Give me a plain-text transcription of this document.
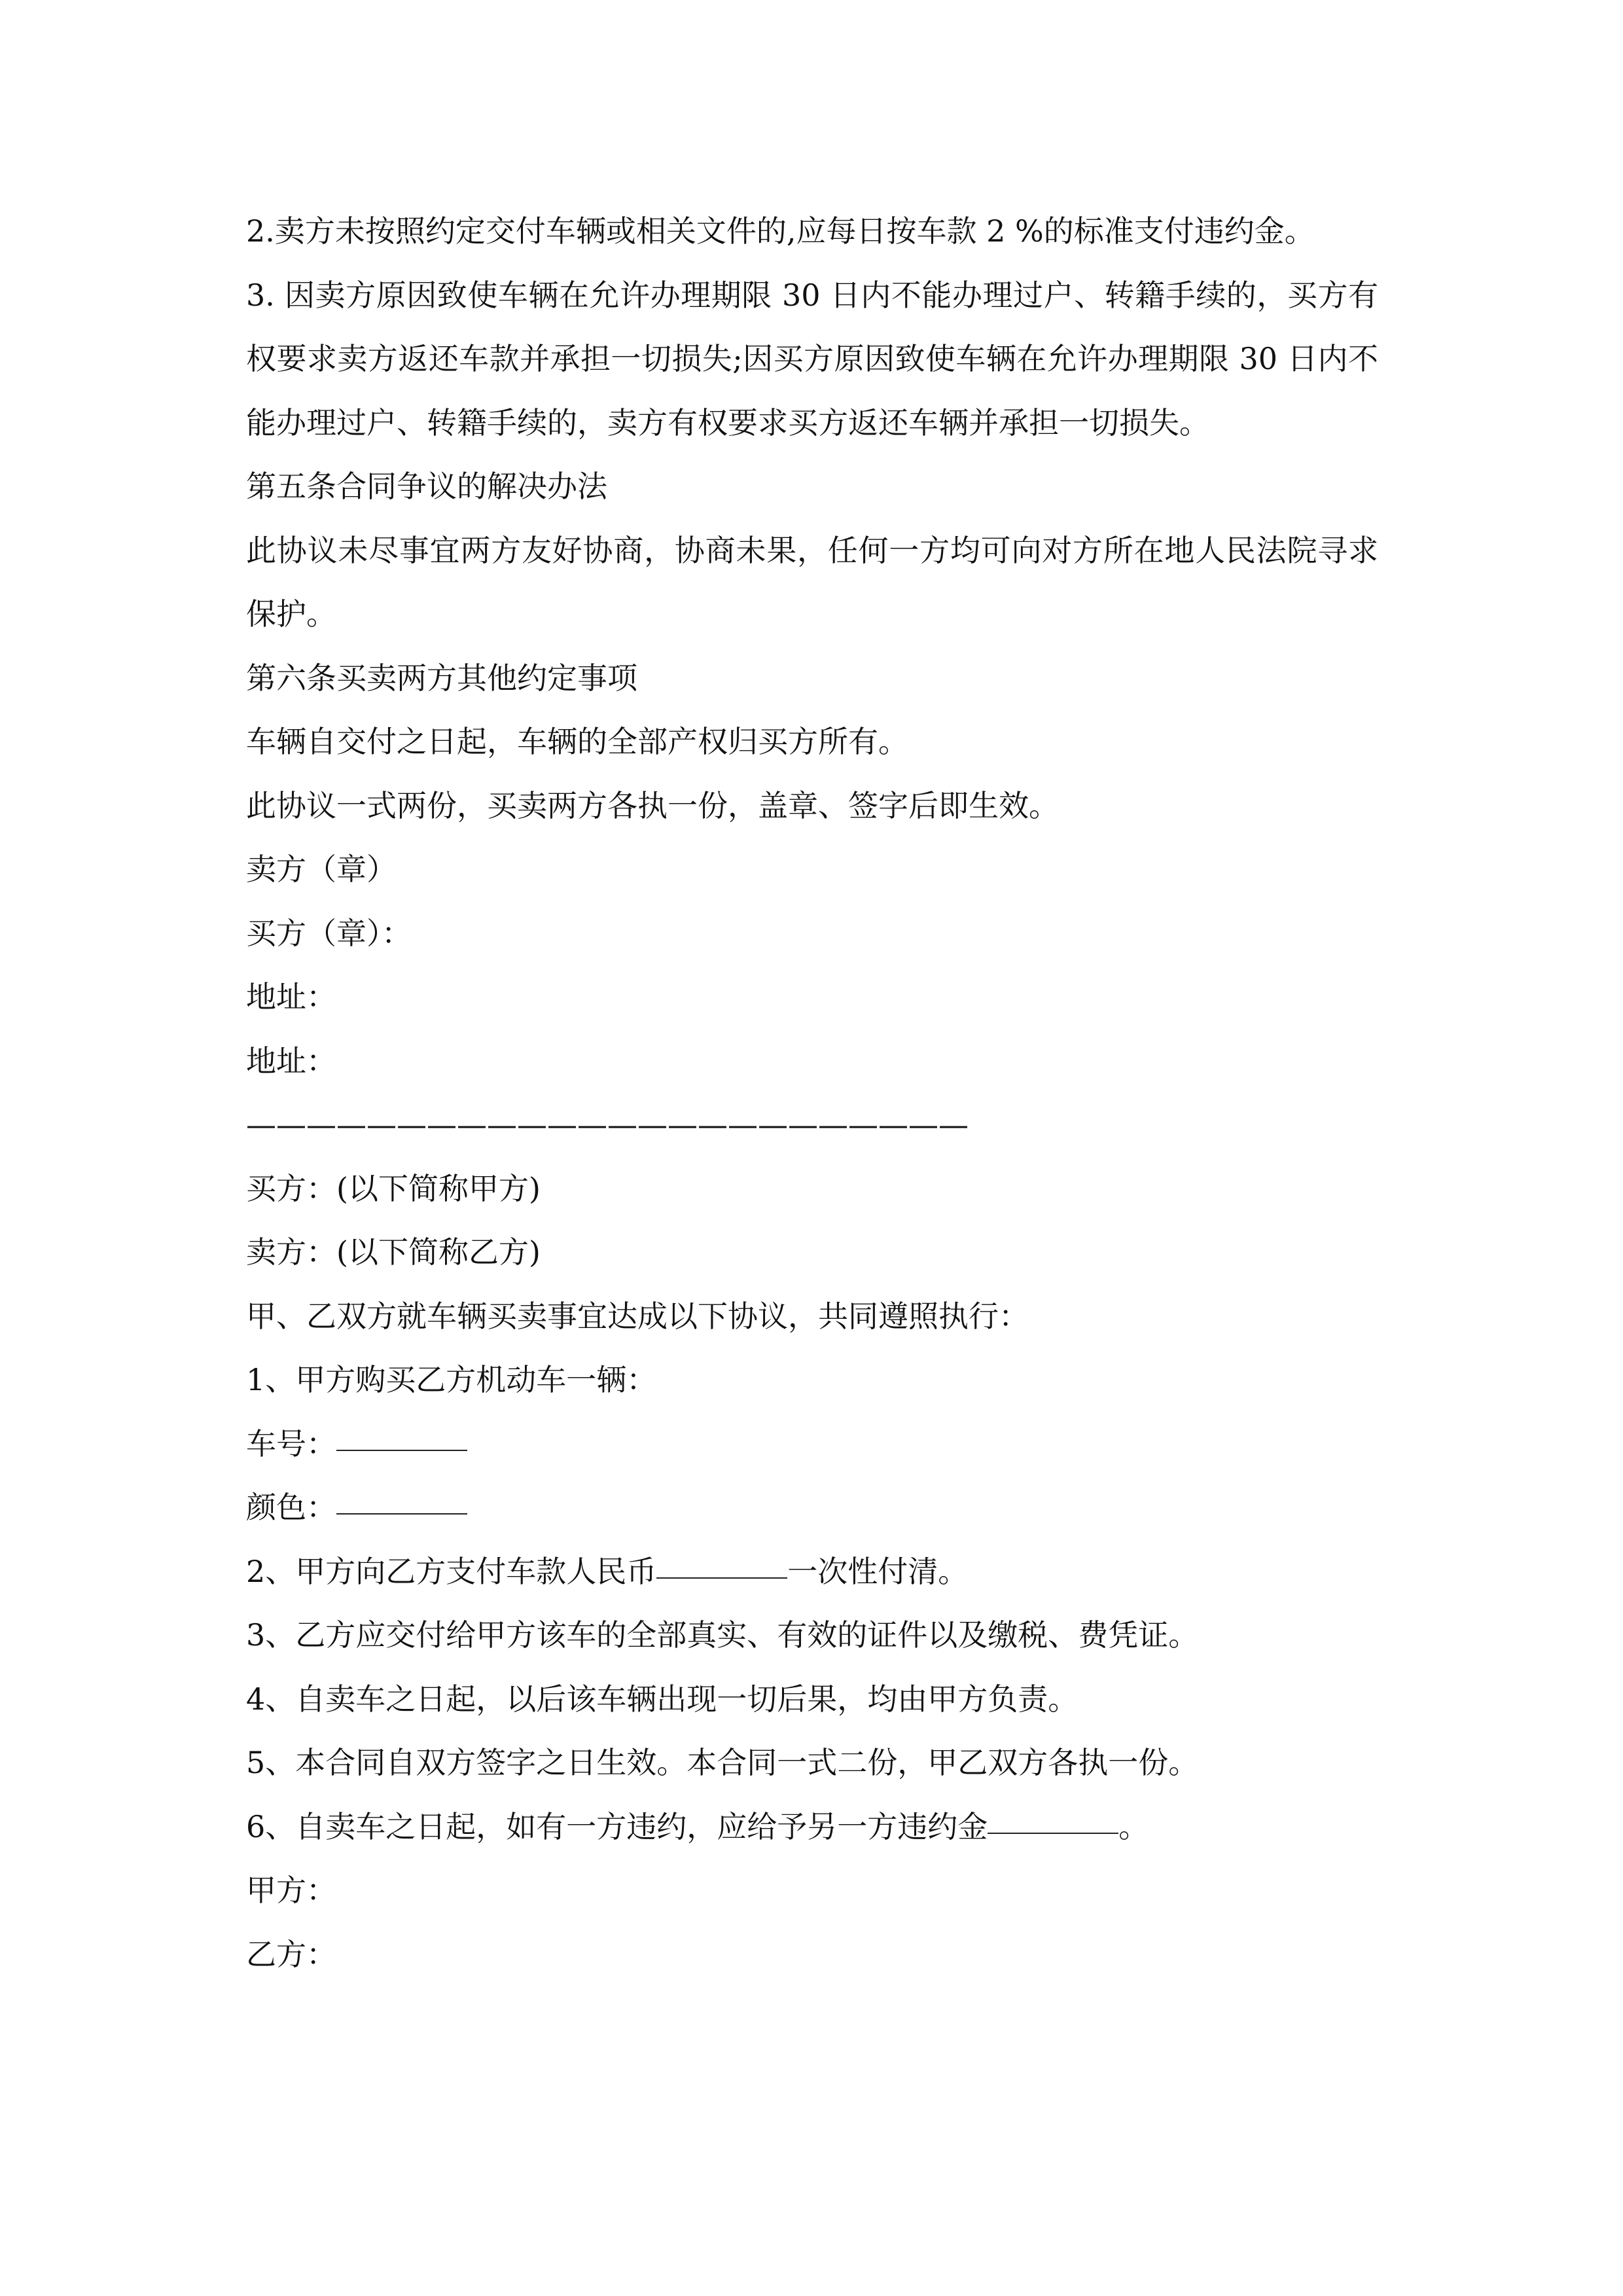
2.卖方未按照约定交付车辆或相关文件的,应每日按车款 2 %的标准支付违约金。

3. 因卖方原因致使车辆在允许办理期限 30 日内不能办理过户、转籍手续的，买方有权要求卖方返还车款并承担一切损失;因买方原因致使车辆在允许办理期限 30 日内不能办理过户、转籍手续的，卖方有权要求买方返还车辆并承担一切损失。

第五条合同争议的解决办法

此协议未尽事宜两方友好协商，协商未果，任何一方均可向对方所在地人民法院寻求保护。

第六条买卖两方其他约定事项

车辆自交付之日起，车辆的全部产权归买方所有。

此协议一式两份，买卖两方各执一份，盖章、签字后即生效。

卖方（章）

买方（章）：

地址：

地址：

————————————————————————

买方：(以下简称甲方)

卖方：(以下简称乙方)

甲、乙双方就车辆买卖事宜达成以下协议，共同遵照执行：

1、甲方购买乙方机动车一辆：

车号：

颜色：

2、甲方向乙方支付车款人民币	一次性付清。

3、乙方应交付给甲方该车的全部真实、有效的证件以及缴税、费凭证。

4、自卖车之日起，以后该车辆出现一切后果，均由甲方负责。

5、本合同自双方签字之日生效。本合同一式二份，甲乙双方各执一份。

6、自卖车之日起，如有一方违约，应给予另一方违约金	。

甲方：

乙方：
